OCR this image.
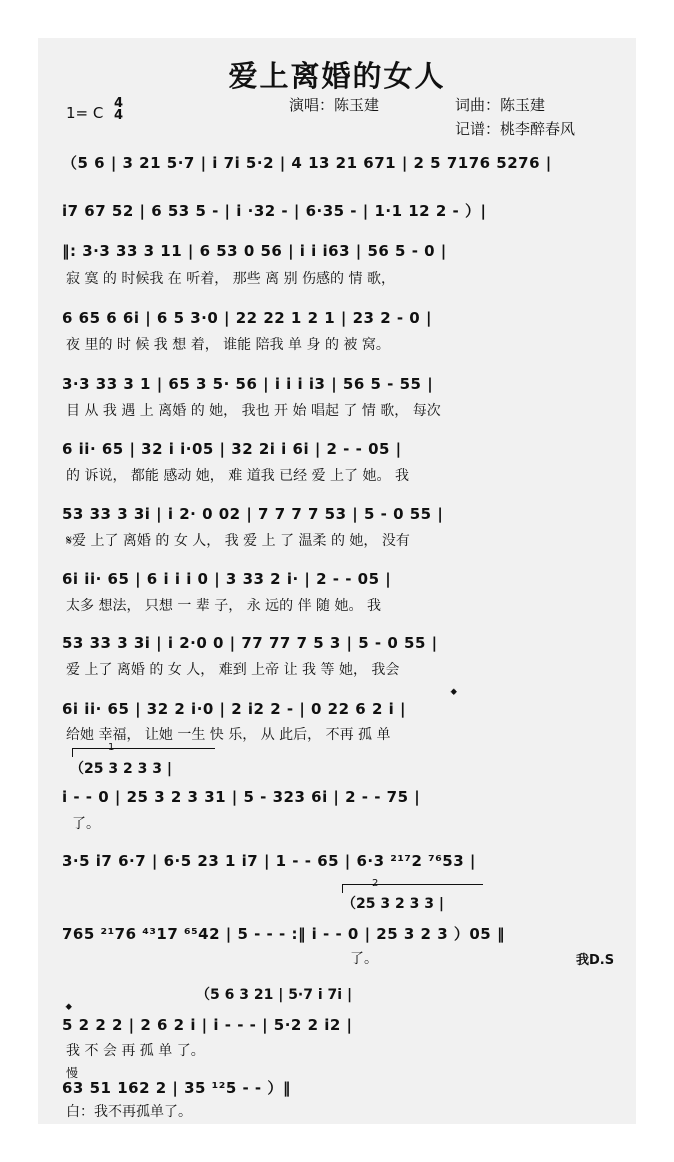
爱上离婚的女人
演唱：陈玉建	词曲：陈玉建
记谱：桃李醉春风
1= C
4
4
（5 6 | 3 21 5·7 | i 7i 5·2 | 4 13 21 671 | 2 5 7176 5276 |
i7 67 52 | 6 53 5 - | i ·32 - | 6·35 - | 1·1 12 2 - ）|
‖: 3·3 33 3 11 | 6 53 0 56 | i i i63 | 56 5 - 0 |
寂 寞 的 时候我 在 听着， 那些 离 别 伤感的 情 歌，
6 65 6 6i | 6 5 3·0 | 22 22 1 2 1 | 23 2 - 0 |
夜 里的 时 候 我 想 着， 谁能 陪我 单 身 的 被 窝。
3·3 33 3 1 | 65 3 5· 56 | i i i i3 | 56 5 - 55 |
目 从 我 遇 上 离婚 的 她， 我也 开 始 唱起 了 情 歌， 每次
6 ii· 65 | 32 i i·05 | 32 2i i 6i | 2 - - 05 |
的 诉说， 都能 感动 她， 难 道我 已经 爱 上了 她。 我
53 33 3 3i | i 2· 0 02 | 7 7 7 7 53 | 5 - 0 55 |
𝄋爱 上了 离婚 的 女 人， 我 爱 上 了 温柔 的 她， 没有
6i ii· 65 | 6 i i i 0 | 3 33 2 i· | 2 - - 05 |
太多 想法， 只想 一 辈 子， 永 远的 伴 随 她。 我
53 33 3 3i | i 2·0 0 | 77 77 7 5 3 | 5 - 0 55 |
爱 上了 离婚 的 女 人， 难到 上帝 让 我 等 她， 我会
𝄌
6i ii· 65 | 32 2 i·0 | 2 i2 2 - | 0 22 6 2 i |
给她 幸福， 让她 一生 快 乐， 从 此后， 不再 孤 单
1
（25 3 2 3 3 |
i - - 0 | 25 3 2 3 31 | 5 - 323 6i | 2 - - 75 |
了。
3·5 i7 6·7 | 6·5 23 1 i7 | 1 - - 65 | 6·3 ²¹⁷2 ⁷⁶53 |
2
（25 3 2 3 3 |
765 ²¹76 ⁴³17 ⁶⁵42 | 5 - - - :‖ i - - 0 | 25 3 2 3 ）05 ‖
了。	我D.S
（5 6 3 21 | 5·7 i 7i |
𝄌
5 2 2 2 | 2 6 2 i | i - - - | 5·2 2 i2 |
我 不 会 再 孤 单 了。
慢
63 51 162 2 | 35 ¹²5 - - ）‖
白：我不再孤单了。
